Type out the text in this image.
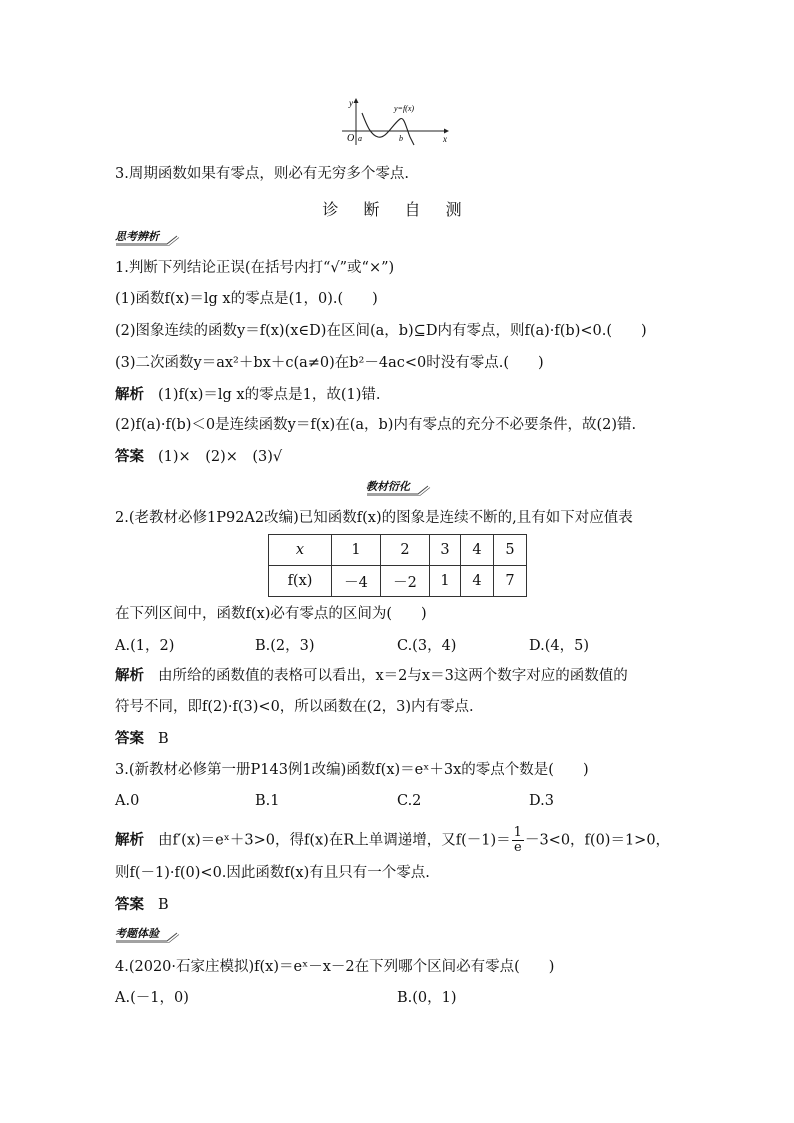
y
x
O a	b
y=f(x)
3.周期函数如果有零点，则必有无穷多个零点.
诊 断 自 测
思考辨析
1.判断下列结论正误(在括号内打“√”或“×”)
(1)函数f(x)＝lg x的零点是(1，0).(　　)
(2)图象连续的函数y＝f(x)(x∈D)在区间(a，b)⊆D内有零点，则f(a)·f(b)<0.(　　)
(3)二次函数y＝ax²＋bx＋c(a≠0)在b²－4ac<0时没有零点.(　　)
解析 (1)f(x)＝lg x的零点是1，故(1)错.
(2)f(a)·f(b)＜0是连续函数y＝f(x)在(a，b)内有零点的充分不必要条件，故(2)错.
答案 (1)×　(2)×　(3)√
教材衍化
2.(老教材必修1P92A2改编)已知函数f(x)的图象是连续不断的,且有如下对应值表
x	1	2	3	4	5
f(x)	－4	－2	1	4	7
在下列区间中，函数f(x)必有零点的区间为(　　)
A.(1，2)	B.(2，3)	C.(3，4)	D.(4，5)
解析 由所给的函数值的表格可以看出，x＝2与x＝3这两个数字对应的函数值的
符号不同，即f(2)·f(3)<0，所以函数在(2，3)内有零点.
答案 B
3.(新教材必修第一册P143例1改编)函数f(x)＝eˣ＋3x的零点个数是(　　)
A.0	B.1	C.2	D.3
解析 由f′(x)＝eˣ＋3>0，得f(x)在R上单调递增，又$f(-1)= \frac{1}{e} -3<0$，f(0)＝1>0，
则f(－1)·f(0)<0.因此函数f(x)有且只有一个零点.
答案 B
考题体验
4.(2020·石家庄模拟)f(x)＝eˣ－x－2在下列哪个区间必有零点(　　)
A.(－1，0)	B.(0，1)
